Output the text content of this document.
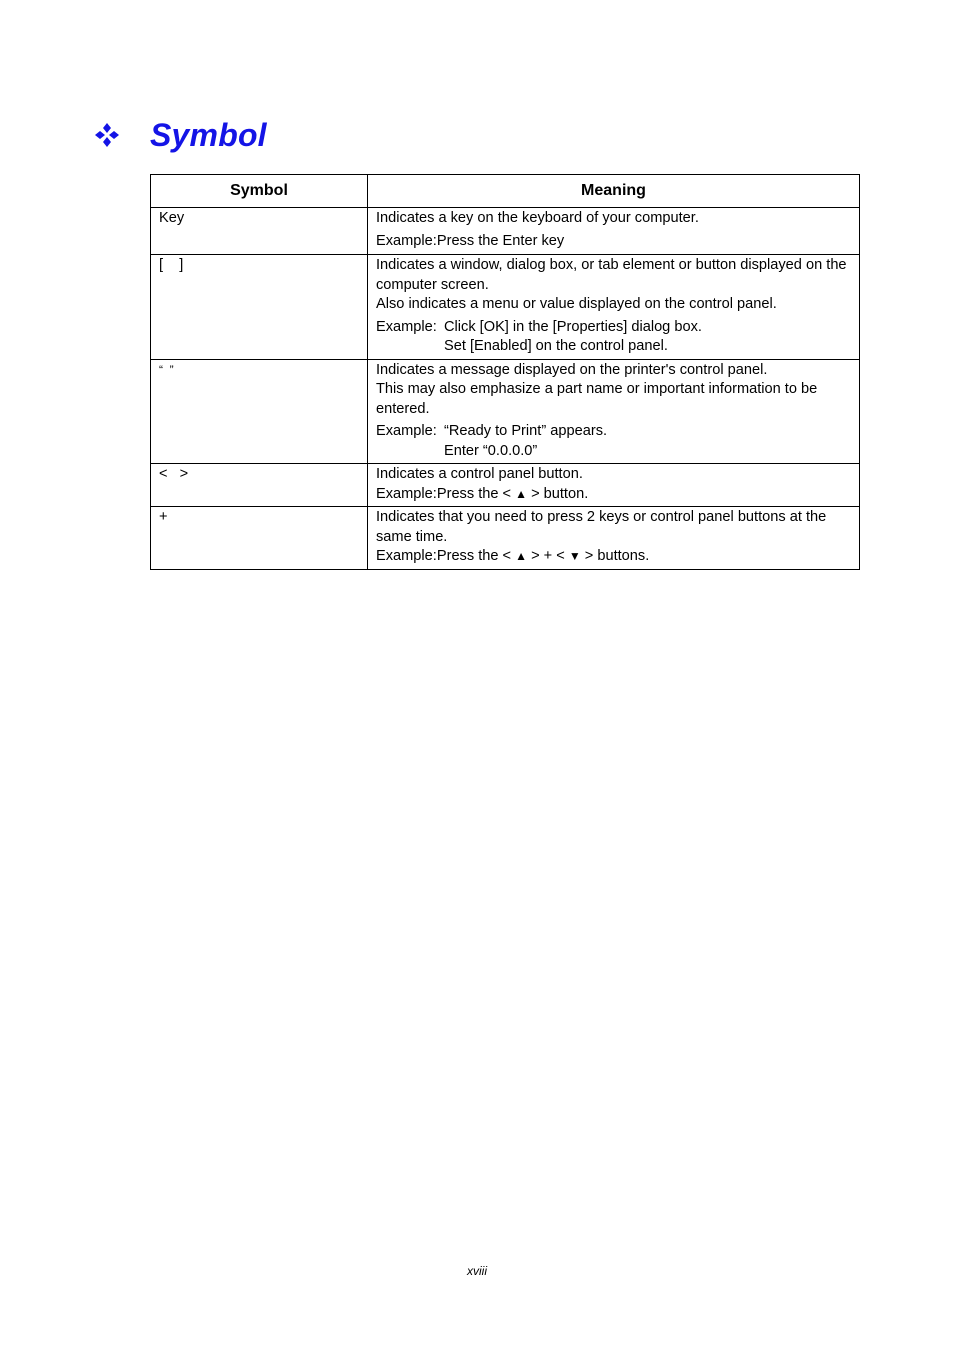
Symbol
Symbol	Meaning
Key	Indicates a key on the keyboard of your computer.

Example: Press the Enter key

[    ]	Indicates a window, dialog box, or tab element or button displayed on the computer screen.

Also indicates a menu or value displayed on the control panel.

Example: Click [OK] in the [Properties] dialog box.
Set [Enabled] on the control panel.

“  ”	Indicates a message displayed on the printer's control panel.

This may also emphasize a part name or important information to be entered.

Example: “Ready to Print” appears.
Enter “0.0.0.0”

<   >	Indicates a control panel button.

Example:Press the < ▲ > button.

+	Indicates that you need to press 2 keys or control panel buttons at the same time.

Example:Press the < ▲ > + < ▼ > buttons.

xviii
